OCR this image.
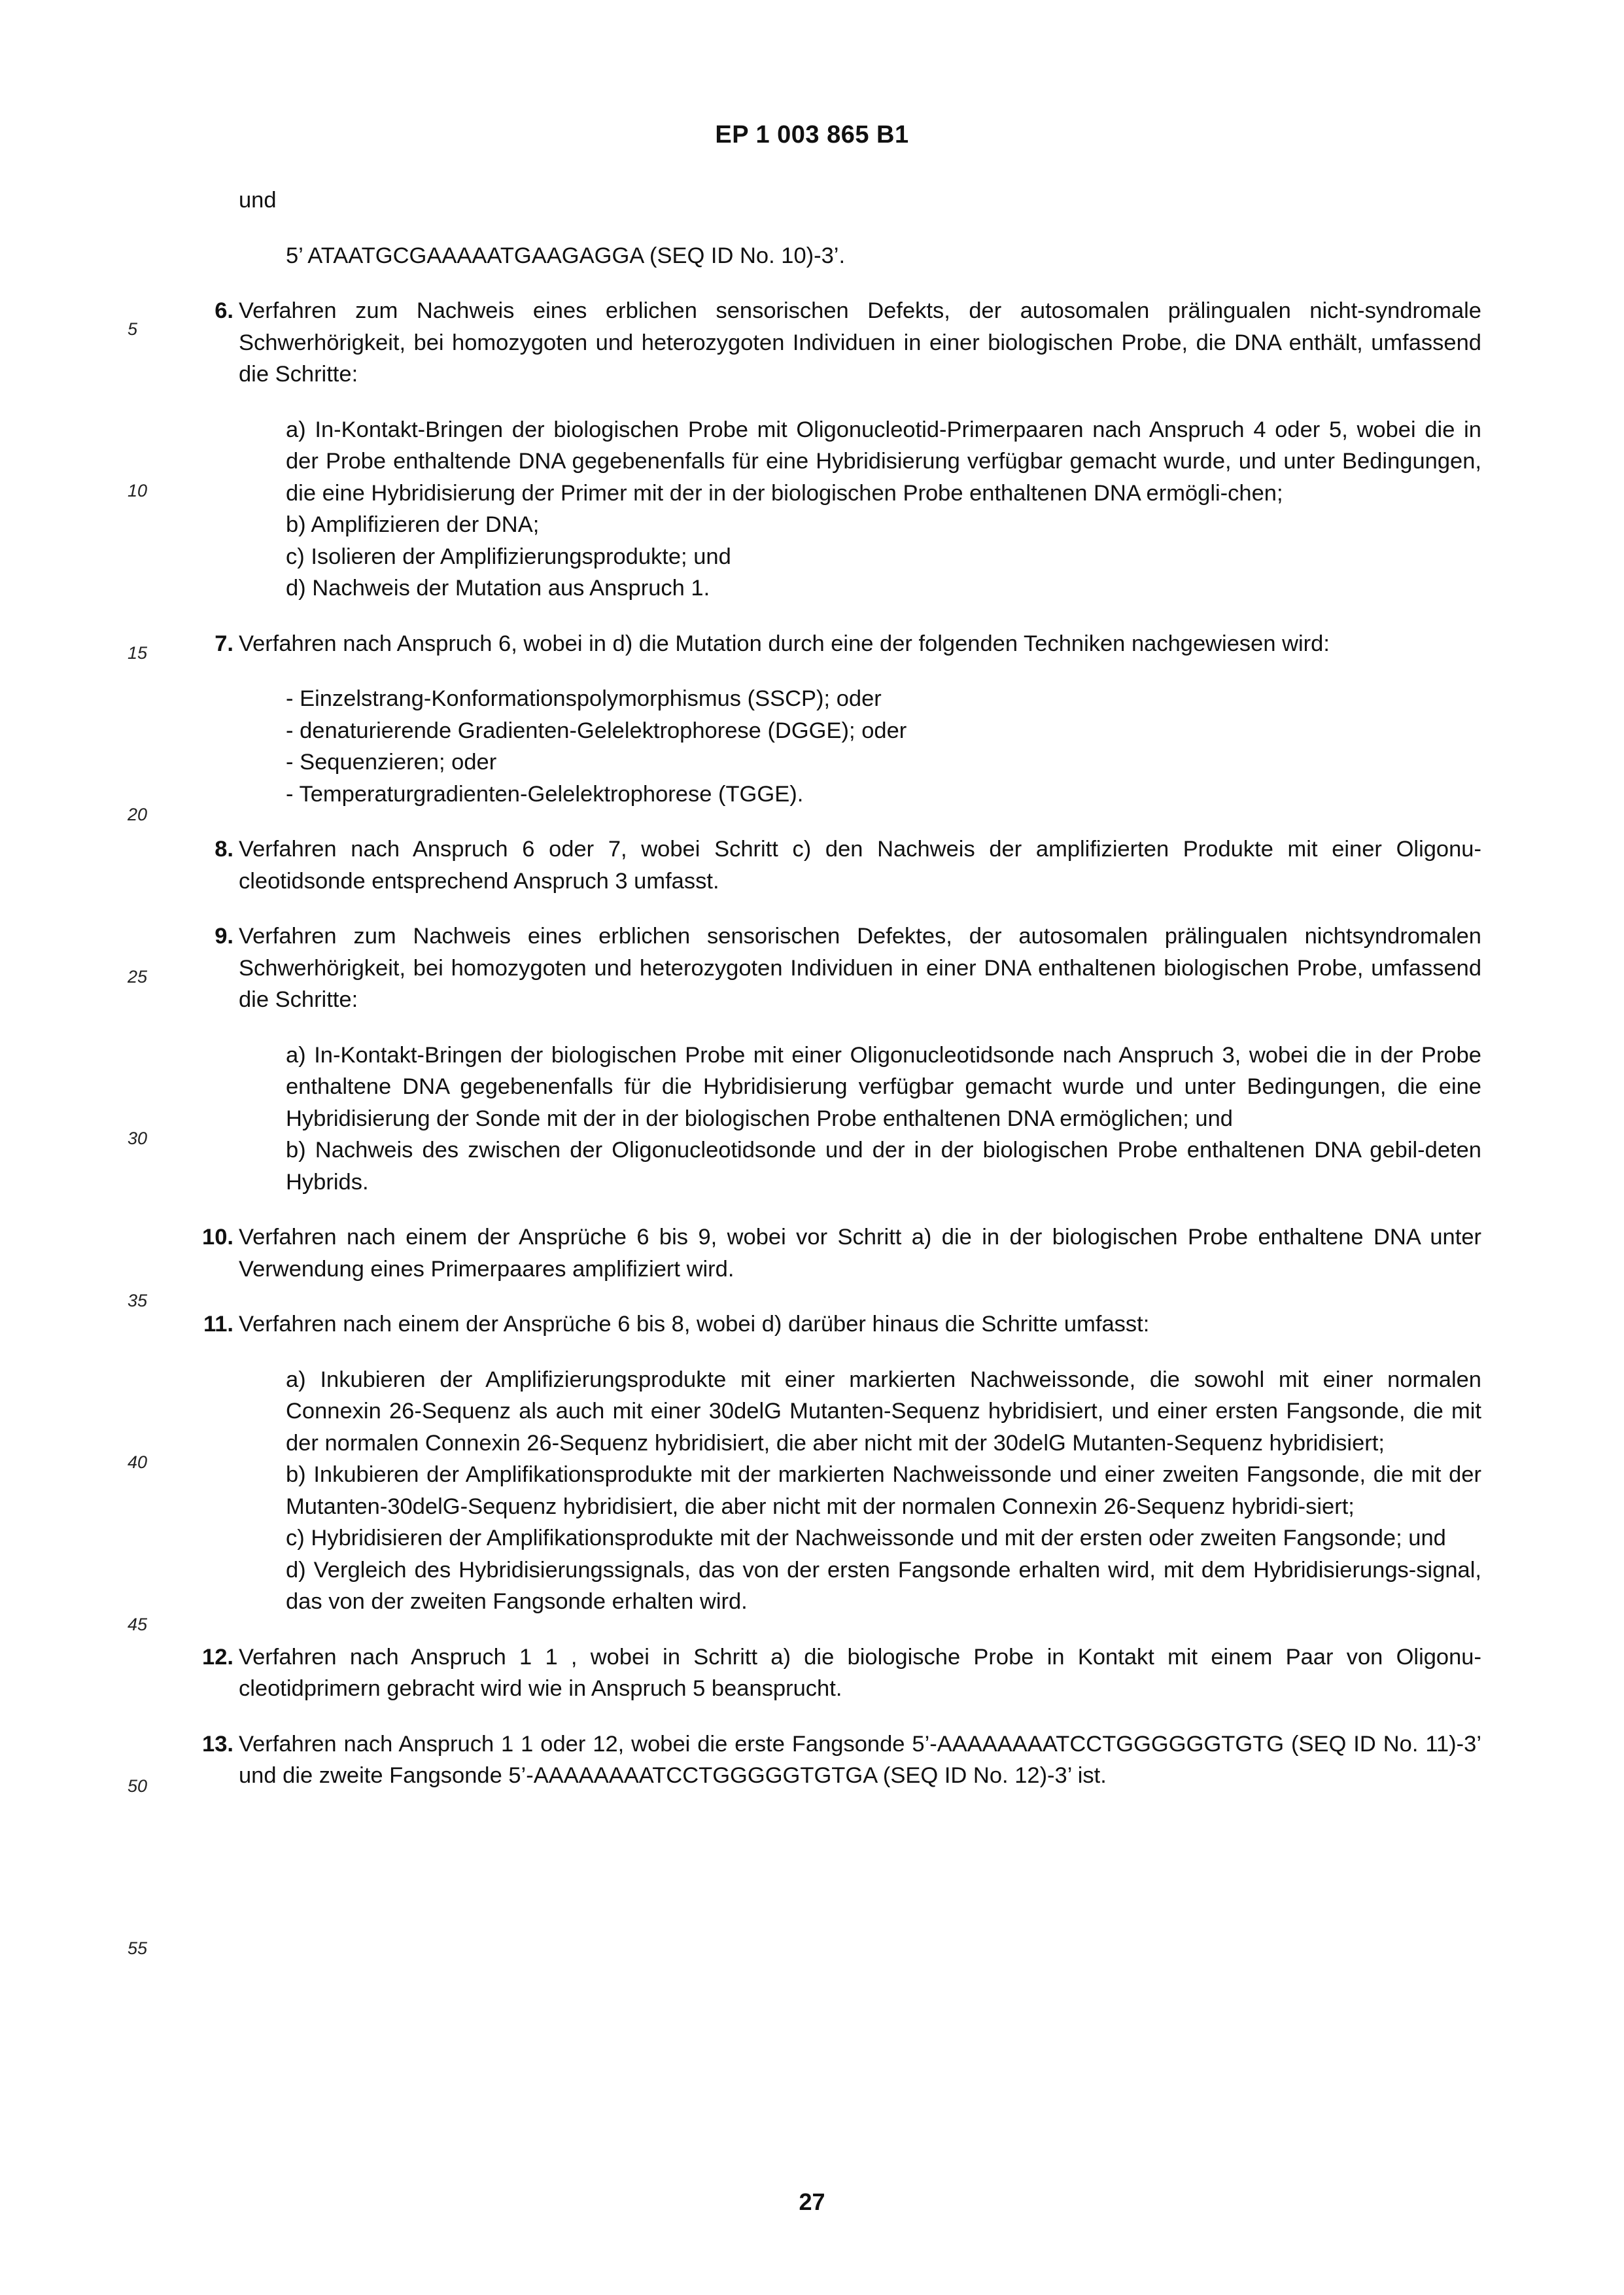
EP 1 003 865 B1
5
10
15
20
25
30
35
40
45
50
55

und

5’ ATAATGCGAAAAATGAAGAGGA (SEQ ID No. 10)-3’.

6. Verfahren zum Nachweis eines erblichen sensorischen Defekts, der autosomalen prälingualen nicht-syndromale Schwerhörigkeit, bei homozygoten und heterozygoten Individuen in einer biologischen Probe, die DNA enthält, umfassend die Schritte:

a) In-Kontakt-Bringen der biologischen Probe mit Oligonucleotid-Primerpaaren nach Anspruch 4 oder 5, wobei die in der Probe enthaltende DNA gegebenenfalls für eine Hybridisierung verfügbar gemacht wurde, und unter Bedingungen, die eine Hybridisierung der Primer mit der in der biologischen Probe enthaltenen DNA ermögli-chen;

b) Amplifizieren der DNA;

c) Isolieren der Amplifizierungsprodukte; und

d) Nachweis der Mutation aus Anspruch 1.

7. Verfahren nach Anspruch 6, wobei in d) die Mutation durch eine der folgenden Techniken nachgewiesen wird:

- Einzelstrang-Konformationspolymorphismus (SSCP); oder

- denaturierende Gradienten-Gelelektrophorese (DGGE); oder

- Sequenzieren; oder

- Temperaturgradienten-Gelelektrophorese (TGGE).

8. Verfahren nach Anspruch 6 oder 7, wobei Schritt c) den Nachweis der amplifizierten Produkte mit einer Oligonu-cleotidsonde entsprechend Anspruch 3 umfasst.

9. Verfahren zum Nachweis eines erblichen sensorischen Defektes, der autosomalen prälingualen nichtsyndromalen Schwerhörigkeit, bei homozygoten und heterozygoten Individuen in einer DNA enthaltenen biologischen Probe, umfassend die Schritte:

a) In-Kontakt-Bringen der biologischen Probe mit einer Oligonucleotidsonde nach Anspruch 3, wobei die in der Probe enthaltene DNA gegebenenfalls für die Hybridisierung verfügbar gemacht wurde und unter Bedingungen, die eine Hybridisierung der Sonde mit der in der biologischen Probe enthaltenen DNA ermöglichen; und

b) Nachweis des zwischen der Oligonucleotidsonde und der in der biologischen Probe enthaltenen DNA gebil-deten Hybrids.

10. Verfahren nach einem der Ansprüche 6 bis 9, wobei vor Schritt a) die in der biologischen Probe enthaltene DNA unter Verwendung eines Primerpaares amplifiziert wird.

11. Verfahren nach einem der Ansprüche 6 bis 8, wobei d) darüber hinaus die Schritte umfasst:

a) Inkubieren der Amplifizierungsprodukte mit einer markierten Nachweissonde, die sowohl mit einer normalen Connexin 26-Sequenz als auch mit einer 30delG Mutanten-Sequenz hybridisiert, und einer ersten Fangsonde, die mit der normalen Connexin 26-Sequenz hybridisiert, die aber nicht mit der 30delG Mutanten-Sequenz hybridisiert;

b) Inkubieren der Amplifikationsprodukte mit der markierten Nachweissonde und einer zweiten Fangsonde, die mit der Mutanten-30delG-Sequenz hybridisiert, die aber nicht mit der normalen Connexin 26-Sequenz hybridi-siert;

c) Hybridisieren der Amplifikationsprodukte mit der Nachweissonde und mit der ersten oder zweiten Fangsonde; und

d) Vergleich des Hybridisierungssignals, das von der ersten Fangsonde erhalten wird, mit dem Hybridisierungs-signal, das von der zweiten Fangsonde erhalten wird.

12. Verfahren nach Anspruch 1 1 , wobei in Schritt a) die biologische Probe in Kontakt mit einem Paar von Oligonu-cleotidprimern gebracht wird wie in Anspruch 5 beansprucht.

13. Verfahren nach Anspruch 1 1 oder 12, wobei die erste Fangsonde 5’-AAAAAAAATCCTGGGGGGTGTG (SEQ ID No. 11)-3’ und die zweite Fangsonde 5’-AAAAAAAATCCTGGGGGTGTGA (SEQ ID No. 12)-3’ ist.

27
